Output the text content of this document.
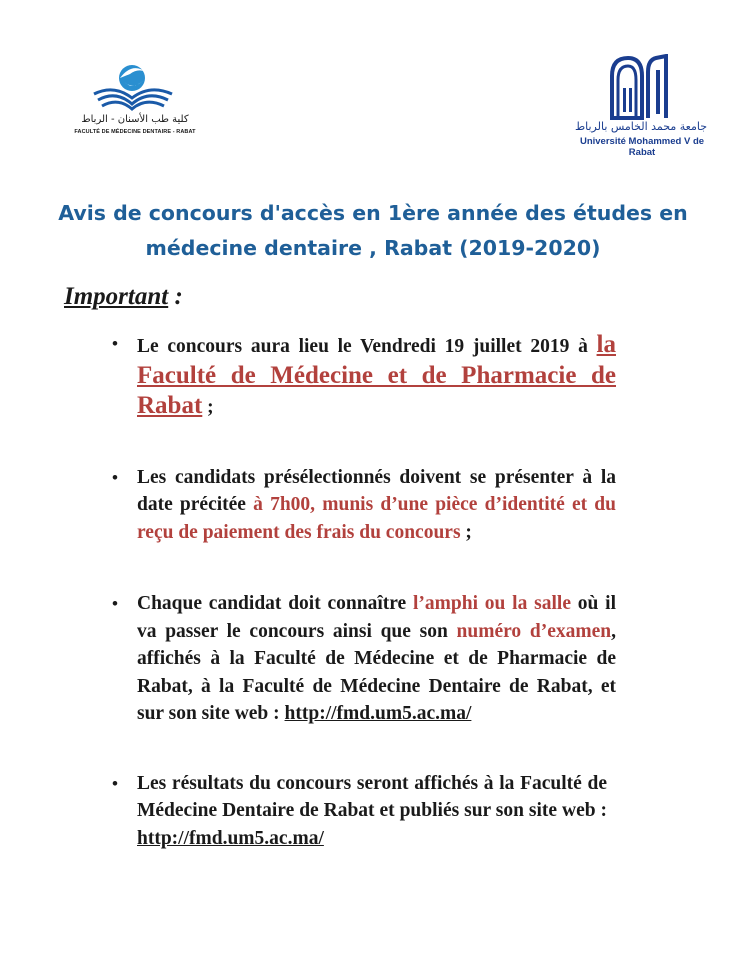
كلية طب الأسنان - الرباط
FACULTÉ DE MÉDECINE DENTAIRE - RABAT	جامعة محمد الخامس بالرباط
Université Mohammed V de Rabat
Avis de concours d'accès en 1ère année des études en
médecine dentaire , Rabat (2019-2020)
Important :
• Le concours aura lieu le Vendredi 19 juillet 2019 à la Faculté de Médecine et de Pharmacie de Rabat ;
• Les candidats présélectionnés doivent se présenter à la date précitée à 7h00, munis d’une pièce d’identité et du reçu de paiement des frais du concours ;
• Chaque candidat doit connaître l’amphi ou la salle où il va passer le concours ainsi que son numéro d’examen, affichés à la Faculté de Médecine et de Pharmacie de Rabat, à la Faculté de Médecine Dentaire de Rabat, et sur son site web : http://fmd.um5.ac.ma/
• Les résultats du concours seront affichés à la Faculté de Médecine Dentaire de Rabat et publiés sur son site web : http://fmd.um5.ac.ma/
